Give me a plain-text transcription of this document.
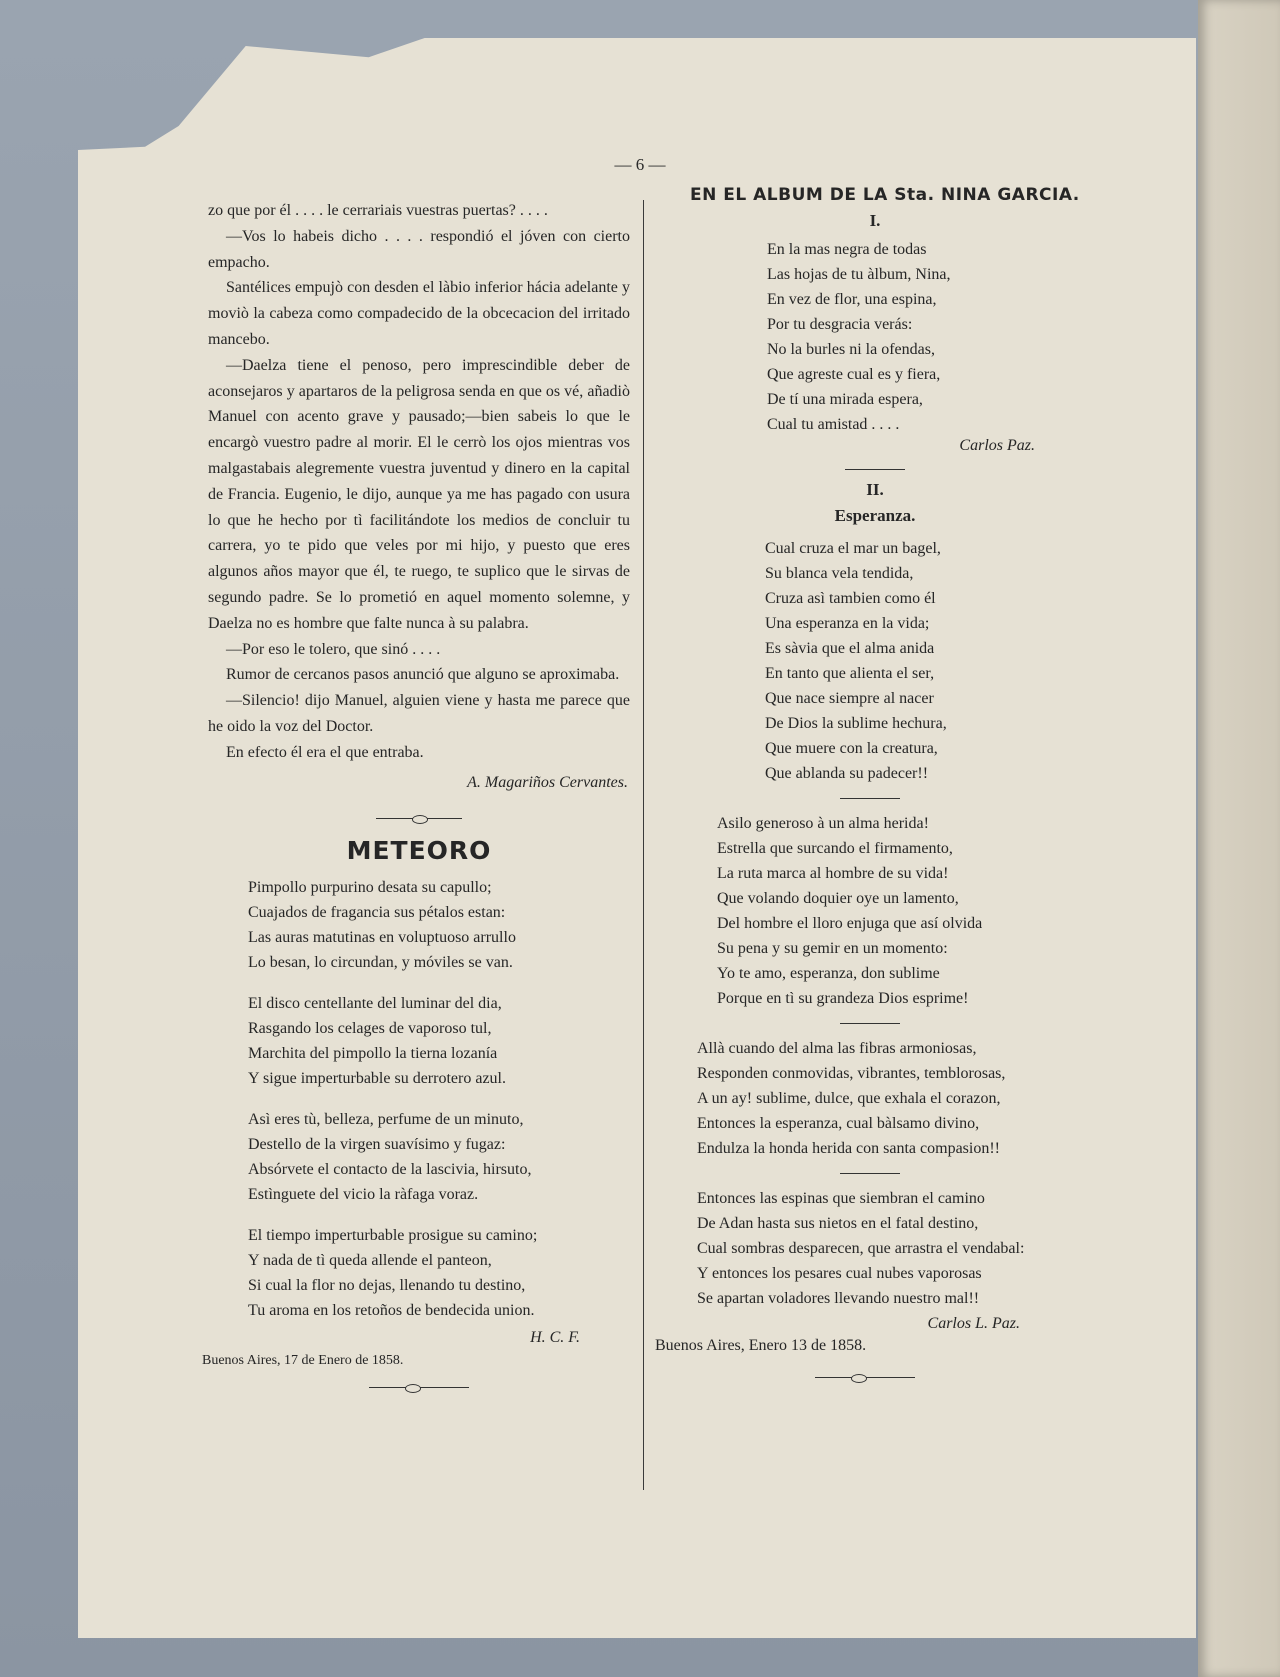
— 6 —

zo que por él . . . . le cerrariais vuestras puertas? . . . .

—Vos lo habeis dicho . . . . respondió el jóven con cierto empacho.

Santélices empujò con desden el làbio inferior hácia adelante y moviò la cabeza como compadecido de la obcecacion del irritado mancebo.

—Daelza tiene el penoso, pero imprescindible deber de aconsejaros y apartaros de la peligrosa senda en que os vé, añadiò Manuel con acento grave y pausado;—bien sabeis lo que le encargò vuestro padre al morir. El le cerrò los ojos mientras vos malgastabais alegremente vuestra juventud y dinero en la capital de Francia. Eugenio, le dijo, aunque ya me has pagado con usura lo que he hecho por tì facilitándote los medios de concluir tu carrera, yo te pido que veles por mi hijo, y puesto que eres algunos años mayor que él, te ruego, te suplico que le sirvas de segundo padre. Se lo prometió en aquel momento solemne, y Daelza no es hombre que falte nunca à su palabra.

—Por eso le tolero, que sinó . . . .

Rumor de cercanos pasos anunció que alguno se aproximaba.

—Silencio! dijo Manuel, alguien viene y hasta me parece que he oido la voz del Doctor.

En efecto él era el que entraba.

A. Magariños Cervantes.
METEORO
Pimpollo purpurino desata su capullo;
Cuajados de fragancia sus pétalos estan:
Las auras matutinas en voluptuoso arrullo
Lo besan, lo circundan, y móviles se van.
El disco centellante del luminar del dia,
Rasgando los celages de vaporoso tul,
Marchita del pimpollo la tierna lozanía
Y sigue imperturbable su derrotero azul.
Asì eres tù, belleza, perfume de un minuto,
Destello de la virgen suavísimo y fugaz:
Absórvete el contacto de la lascivia, hirsuto,
Estìnguete del vicio la ràfaga voraz.
El tiempo imperturbable prosigue su camino;
Y nada de tì queda allende el panteon,
Si cual la flor no dejas, llenando tu destino,
Tu aroma en los retoños de bendecida union.
H. C. F.
Buenos Aires, 17 de Enero de 1858.
EN EL ALBUM DE LA Sta. NINA GARCIA.
I.
En la mas negra de todas
Las hojas de tu àlbum, Nina,
En vez de flor, una espina,
Por tu desgracia verás:
No la burles ni la ofendas,
Que agreste cual es y fiera,
De tí una mirada espera,
Cual tu amistad . . . .
Carlos Paz.
II.
Esperanza.
Cual cruza el mar un bagel,
Su blanca vela tendida,
Cruza asì tambien como él
Una esperanza en la vida;
Es sàvia que el alma anida
En tanto que alienta el ser,
Que nace siempre al nacer
De Dios la sublime hechura,
Que muere con la creatura,
Que ablanda su padecer!!
Asilo generoso à un alma herida!
Estrella que surcando el firmamento,
La ruta marca al hombre de su vida!
Que volando doquier oye un lamento,
Del hombre el lloro enjuga que así olvida
Su pena y su gemir en un momento:
Yo te amo, esperanza, don sublime
Porque en tì su grandeza Dios esprime!
Allà cuando del alma las fibras armoniosas,
Responden conmovidas, vibrantes, temblorosas,
A un ay! sublime, dulce, que exhala el corazon,
Entonces la esperanza, cual bàlsamo divino,
Endulza la honda herida con santa compasion!!
Entonces las espinas que siembran el camino
De Adan hasta sus nietos en el fatal destino,
Cual sombras desparecen, que arrastra el vendabal:
Y entonces los pesares cual nubes vaporosas
Se apartan voladores llevando nuestro mal!!
Carlos L. Paz.
Buenos Aires, Enero 13 de 1858.
